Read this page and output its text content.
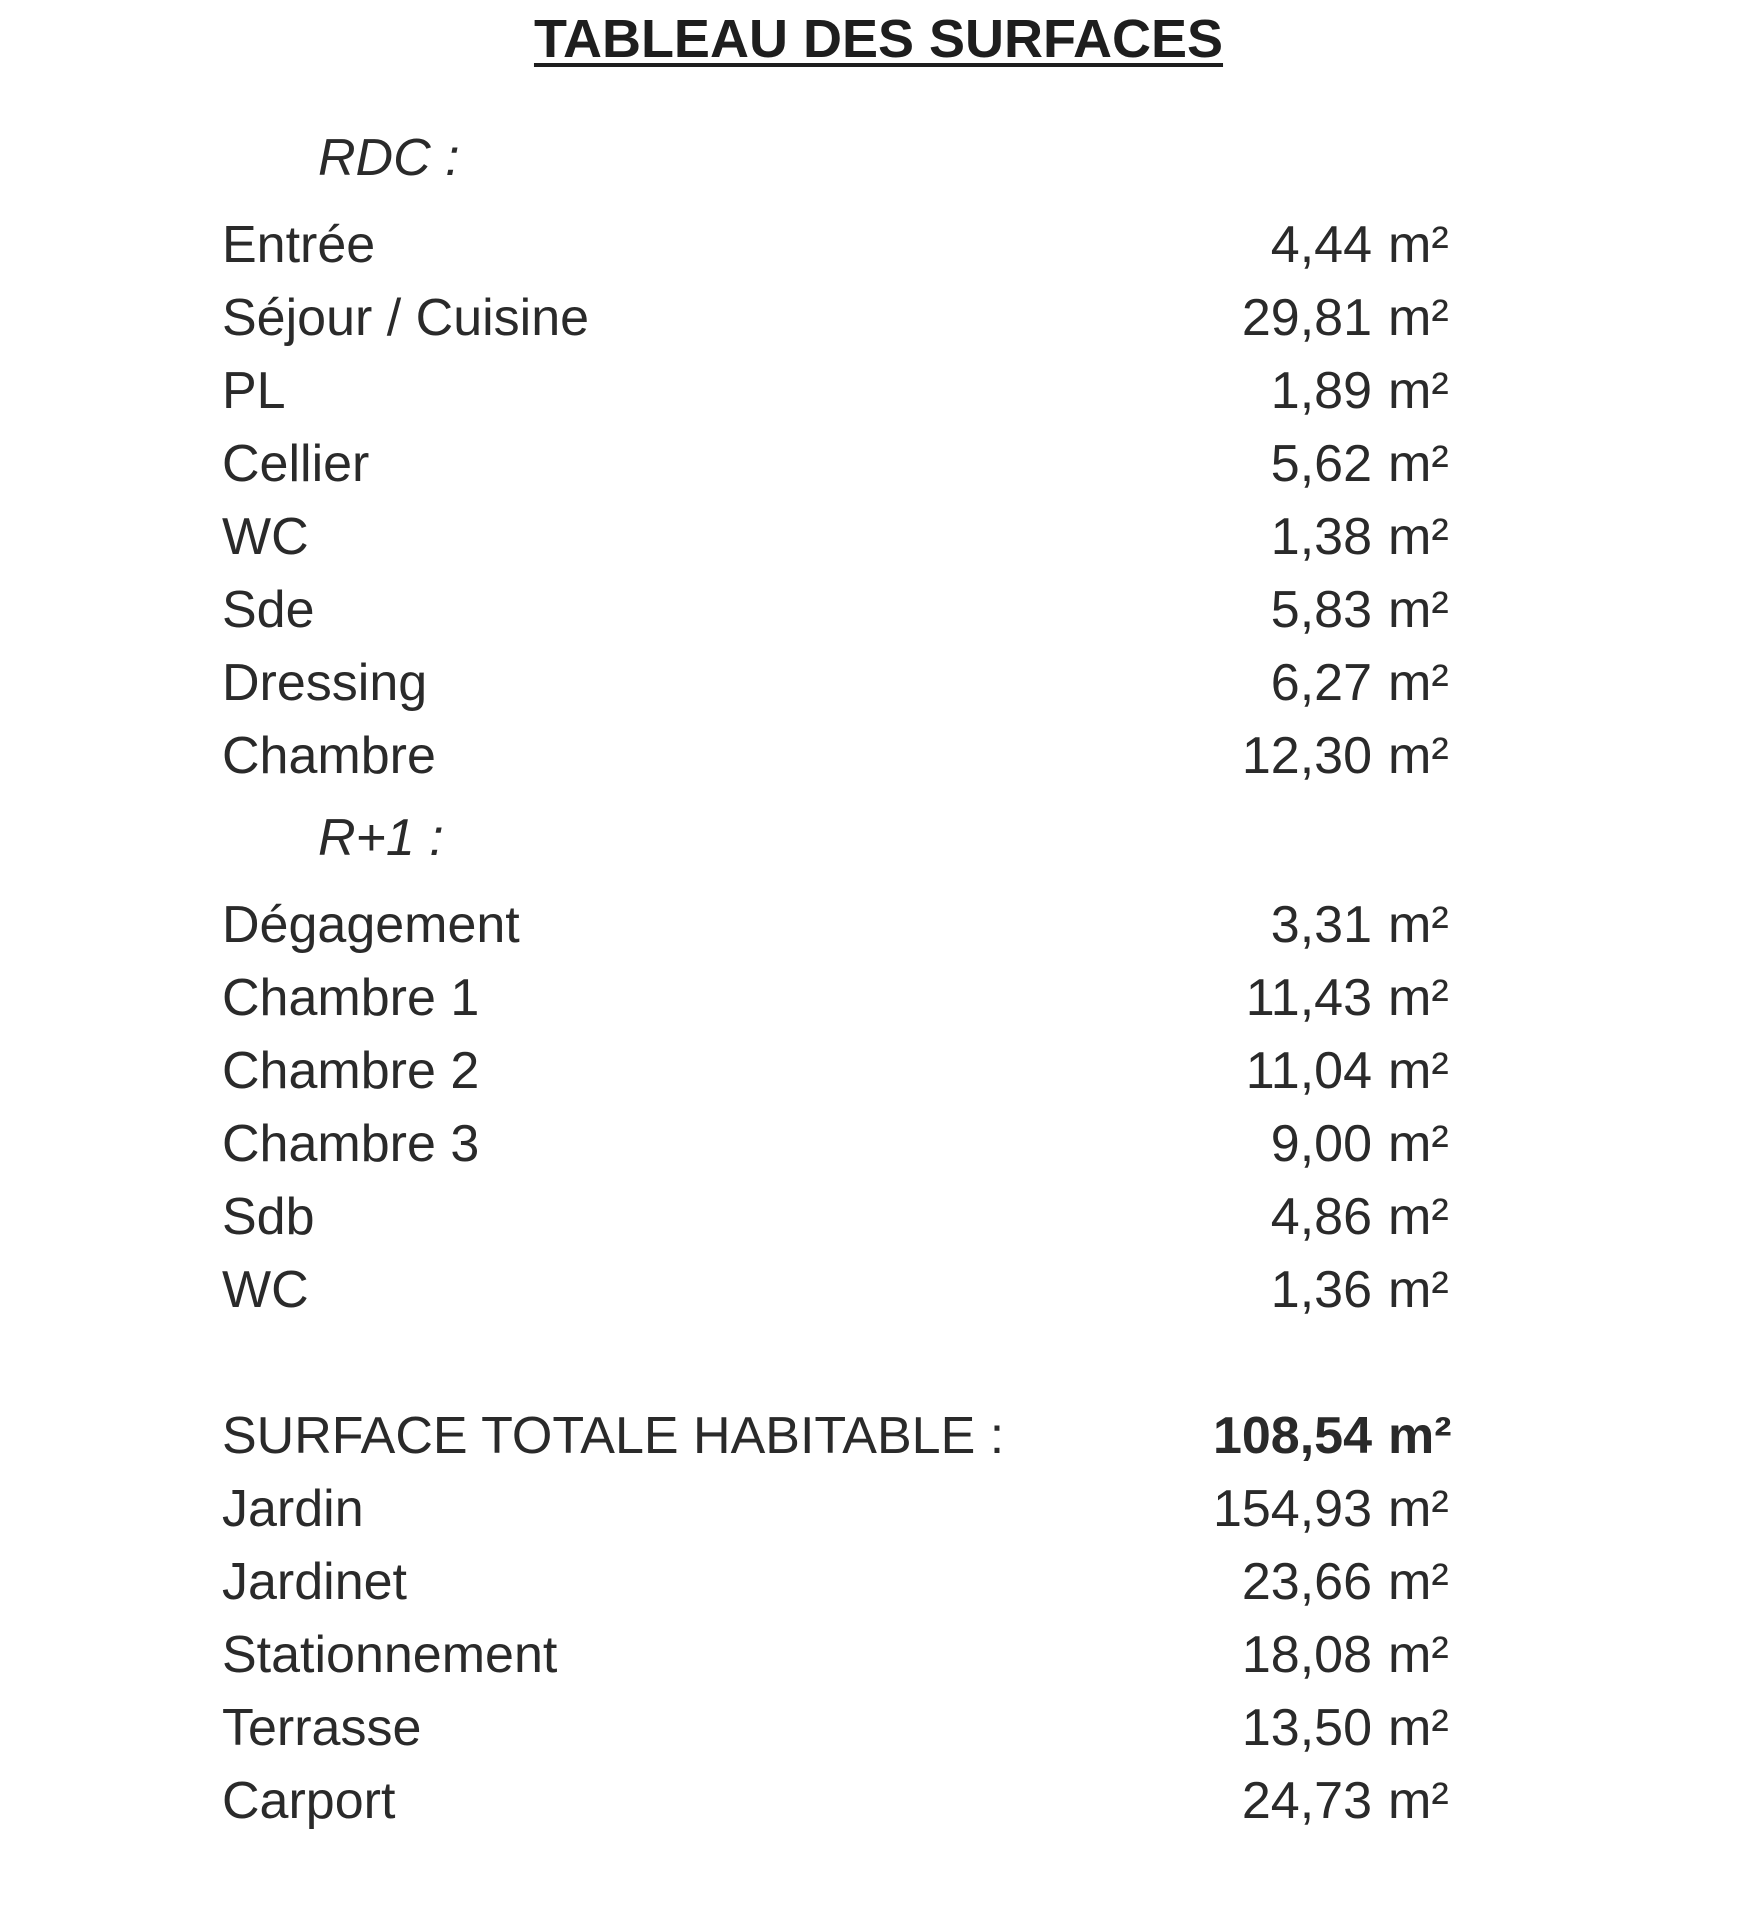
TABLEAU DES SURFACES
RDC :
Entrée	4,44 m²
Séjour / Cuisine	29,81 m²
PL	1,89 m²
Cellier	5,62 m²
WC	1,38 m²
Sde	5,83 m²
Dressing	6,27 m²
Chambre	12,30 m²
R+1 :
Dégagement	3,31 m²
Chambre 1	11,43 m²
Chambre 2	11,04 m²
Chambre 3	9,00 m²
Sdb	4,86 m²
WC	1,36 m²
SURFACE TOTALE HABITABLE :	108,54 m²
Jardin	154,93 m²
Jardinet	23,66 m²
Stationnement	18,08 m²
Terrasse	13,50 m²
Carport	24,73 m²
